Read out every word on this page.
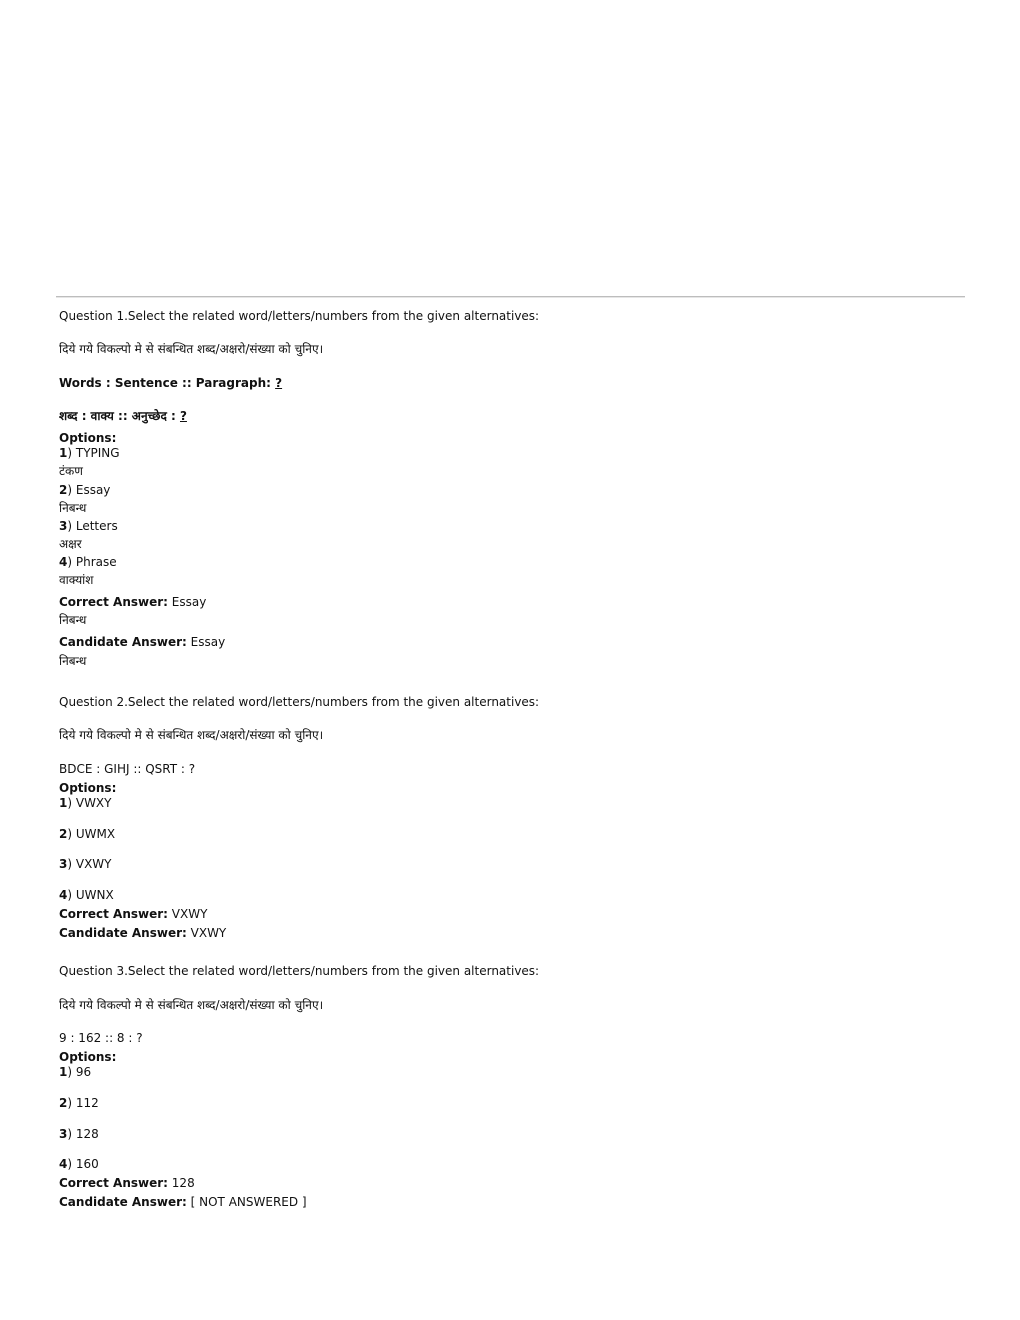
Question 1.Select the related word/letters/numbers from the given alternatives:
दिये गये विकल्पो मे से संबन्धित शब्द/अक्षरो/संख्या को चुनिए।
Words : Sentence :: Paragraph: ?
शब्द : वाक्य :: अनुच्छेद : ?
Options:
1) TYPING
टंकण
2) Essay
निबन्ध
3) Letters
अक्षर
4) Phrase
वाक्यांश
Correct Answer: Essay
निबन्ध
Candidate Answer: Essay
निबन्ध
Question 2.Select the related word/letters/numbers from the given alternatives:
दिये गये विकल्पो मे से संबन्धित शब्द/अक्षरो/संख्या को चुनिए।
BDCE : GIHJ :: QSRT : ?
Options:
1) VWXY
2) UWMX
3) VXWY
4) UWNX
Correct Answer: VXWY
Candidate Answer: VXWY
Question 3.Select the related word/letters/numbers from the given alternatives:
दिये गये विकल्पो मे से संबन्धित शब्द/अक्षरो/संख्या को चुनिए।
9 : 162 :: 8 : ?
Options:
1) 96
2) 112
3) 128
4) 160
Correct Answer: 128
Candidate Answer: [ NOT ANSWERED ]
